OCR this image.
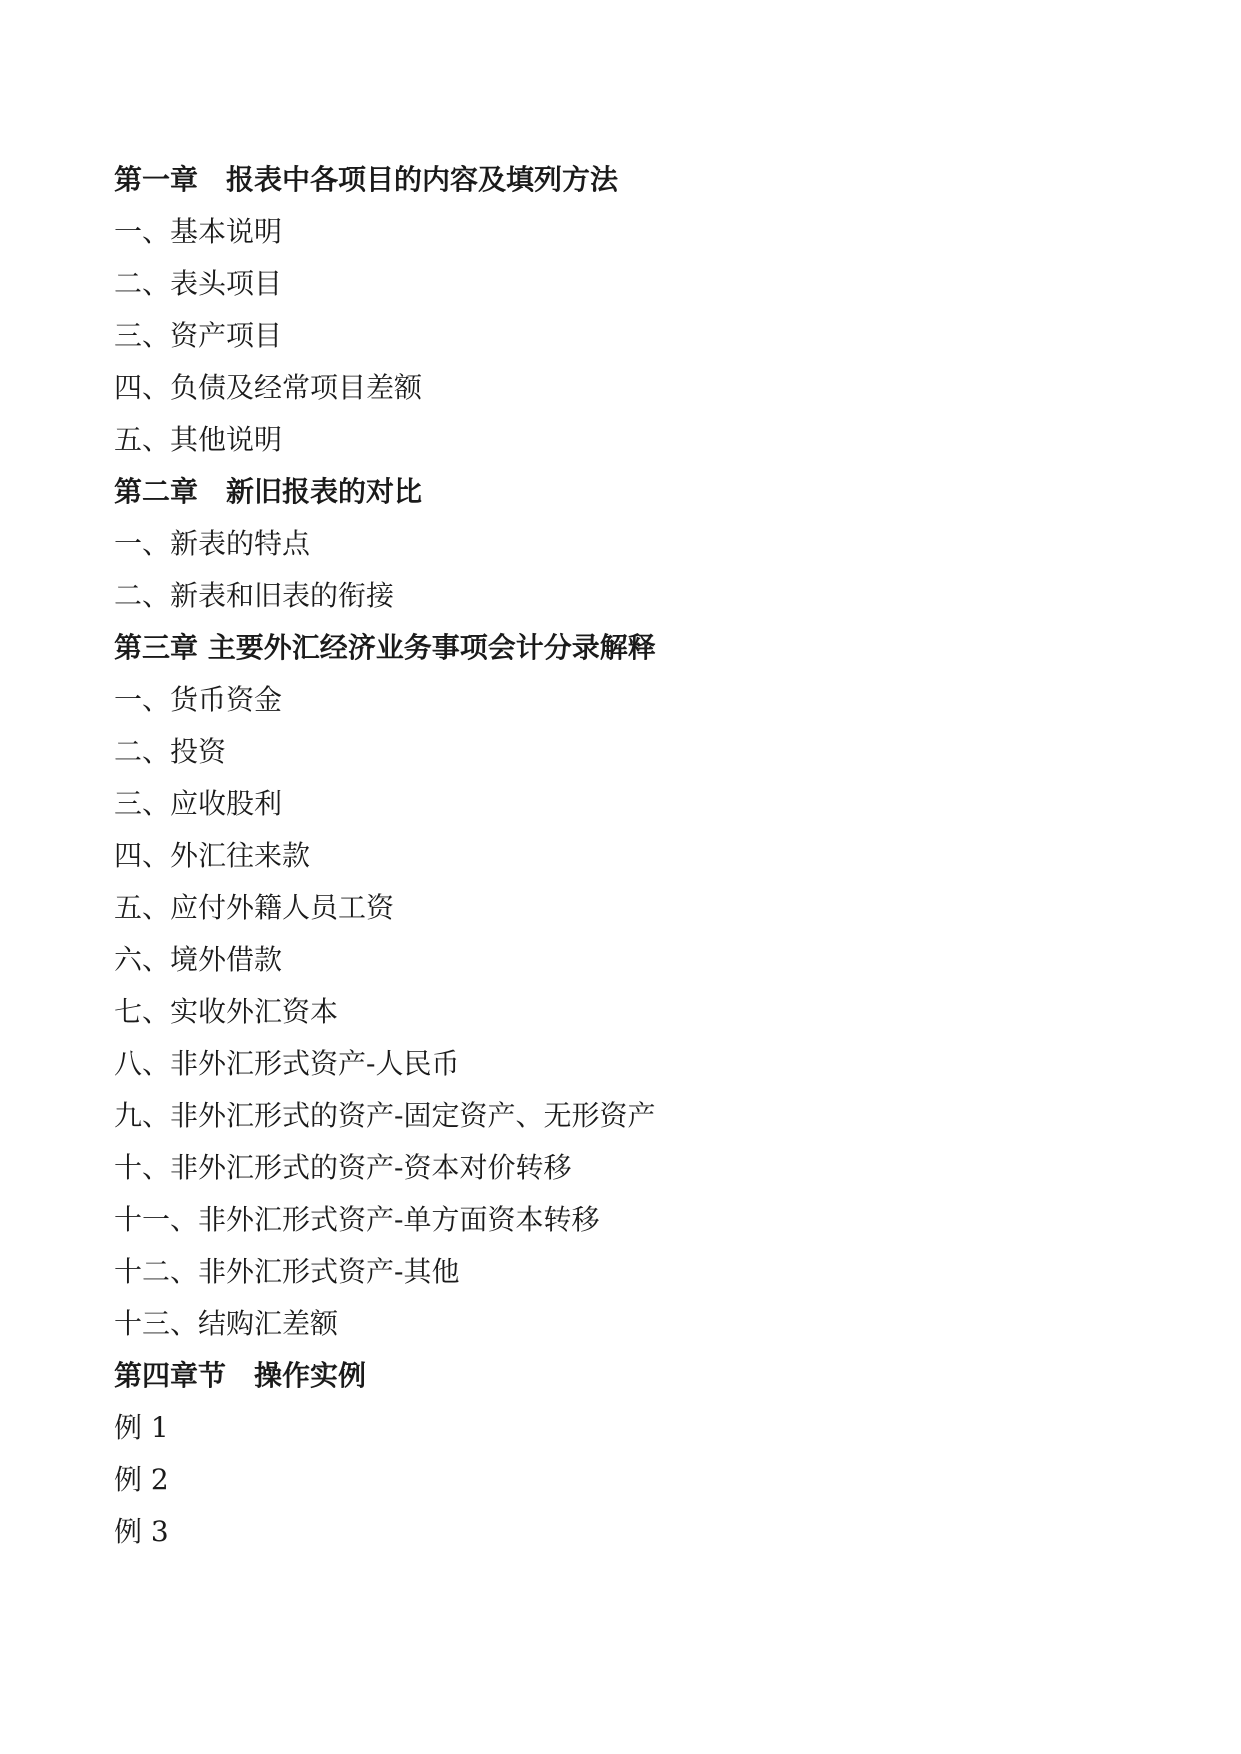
第一章　报表中各项目的内容及填列方法
一、基本说明
二、表头项目
三、资产项目
四、负债及经常项目差额
五、其他说明
第二章　新旧报表的对比
一、新表的特点
二、新表和旧表的衔接
第三章 主要外汇经济业务事项会计分录解释
一、货币资金
二、投资
三、应收股利
四、外汇往来款
五、应付外籍人员工资
六、境外借款
七、实收外汇资本
八、非外汇形式资产-人民币
九、非外汇形式的资产-固定资产、无形资产
十、非外汇形式的资产-资本对价转移
十一、非外汇形式资产-单方面资本转移
十二、非外汇形式资产-其他
十三、结购汇差额
第四章节　操作实例
例 1
例 2
例 3
